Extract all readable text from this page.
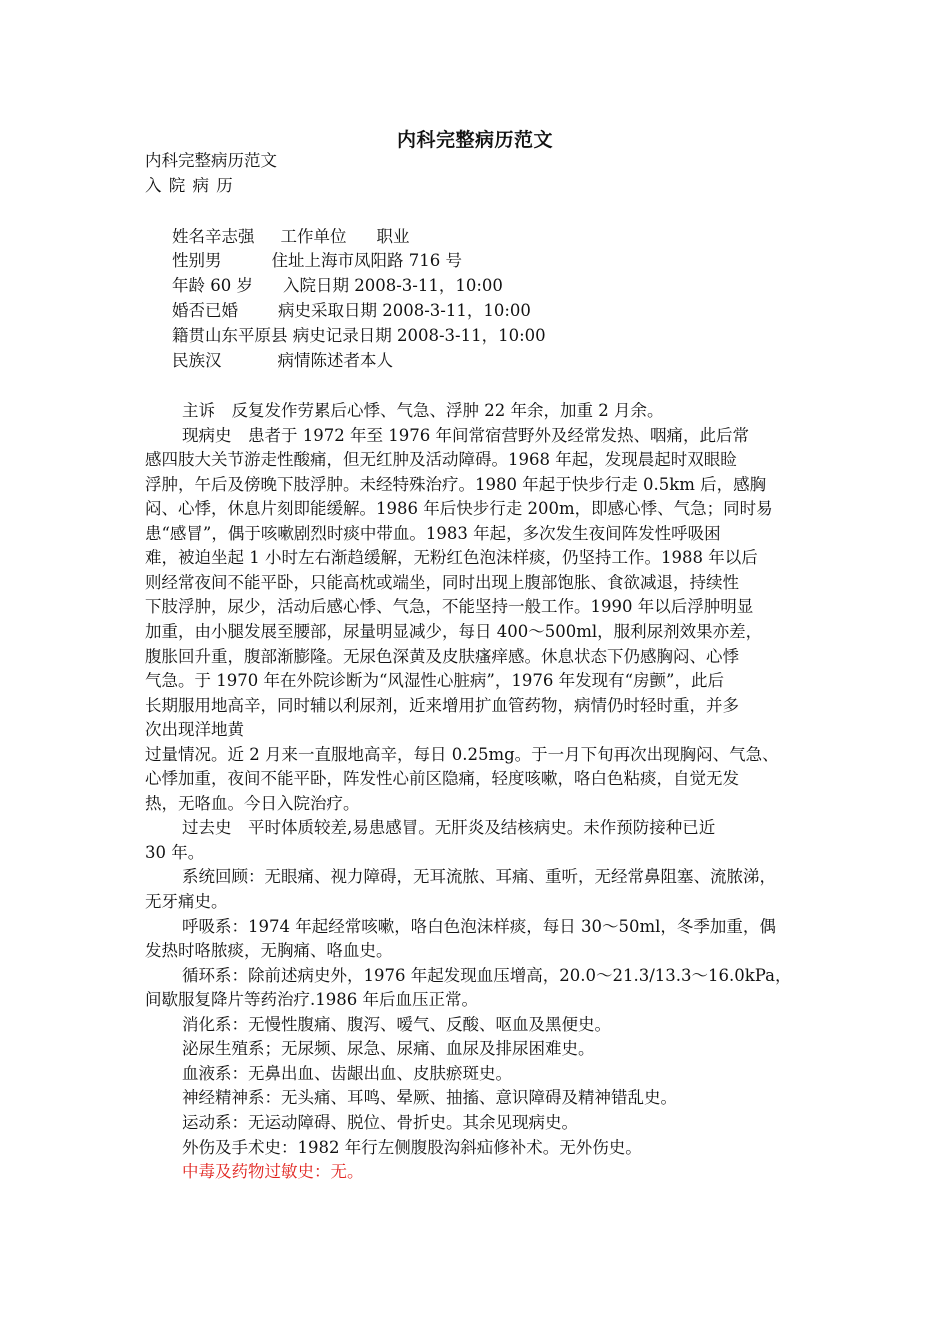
内科完整病历范文
内科完整病历范文
入 院 病 历
姓名辛志强 工作单位 职业
性别男	住址上海市凤阳路 716 号
年龄 60 岁 入院日期 2008-3-11，10:00
婚否已婚 病史采取日期 2008-3-11，10:00
籍贯山东平原县 病史记录日期 2008-3-11，10:00
民族汉	病情陈述者本人
主诉　反复发作劳累后心悸、气急、浮肿 22 年余，加重 2 月余。
现病史　患者于 1972 年至 1976 年间常宿营野外及经常发热、咽痛，此后常
感四肢大关节游走性酸痛，但无红肿及活动障碍。1968 年起，发现晨起时双眼睑
浮肿，午后及傍晚下肢浮肿。未经特殊治疗。1980 年起于快步行走 0.5km 后，感胸
闷、心悸，休息片刻即能缓解。1986 年后快步行走 200m，即感心悸、气急；同时易
患“感冒”，偶于咳嗽剧烈时痰中带血。1983 年起，多次发生夜间阵发性呼吸困
难，被迫坐起 1 小时左右渐趋缓解，无粉红色泡沫样痰，仍坚持工作。1988 年以后
则经常夜间不能平卧，只能高枕或端坐，同时出现上腹部饱胀、食欲减退，持续性
下肢浮肿，尿少，活动后感心悸、气急，不能坚持一般工作。1990 年以后浮肿明显
加重，由小腿发展至腰部，尿量明显减少，每日 400～500ml，服利尿剂效果亦差，
腹胀回升重，腹部渐膨隆。无尿色深黄及皮肤瘙痒感。休息状态下仍感胸闷、心悸
气急。于 1970 年在外院诊断为“风湿性心脏病”，1976 年发现有“房颤”，此后
长期服用地高辛，同时辅以利尿剂，近来增用扩血管药物，病情仍时轻时重，并多
次出现洋地黄
过量情况。近 2 月来一直服地高辛，每日 0.25mg。于一月下旬再次出现胸闷、气急、
心悸加重，夜间不能平卧，阵发性心前区隐痛，轻度咳嗽，咯白色粘痰，自觉无发
热，无咯血。今日入院治疗。
过去史　平时体质较差,易患感冒。无肝炎及结核病史。未作预防接种已近
30 年。
系统回顾：无眼痛、视力障碍，无耳流脓、耳痛、重听，无经常鼻阻塞、流脓涕，
无牙痛史。
呼吸系：1974 年起经常咳嗽，咯白色泡沫样痰，每日 30～50ml，冬季加重，偶
发热时咯脓痰，无胸痛、咯血史。
循环系：除前述病史外，1976 年起发现血压增高，20.0～21.3/13.3～16.0kPa，
间歇服复降片等药治疗.1986 年后血压正常。
消化系：无慢性腹痛、腹泻、嗳气、反酸、呕血及黑便史。
泌尿生殖系；无尿频、尿急、尿痛、血尿及排尿困难史。
血液系：无鼻出血、齿龈出血、皮肤瘀斑史。
神经精神系：无头痛、耳鸣、晕厥、抽搐、意识障碍及精神错乱史。
运动系：无运动障碍、脱位、骨折史。其余见现病史。
外伤及手术史：1982 年行左侧腹股沟斜疝修补术。无外伤史。
中毒及药物过敏史：无。
